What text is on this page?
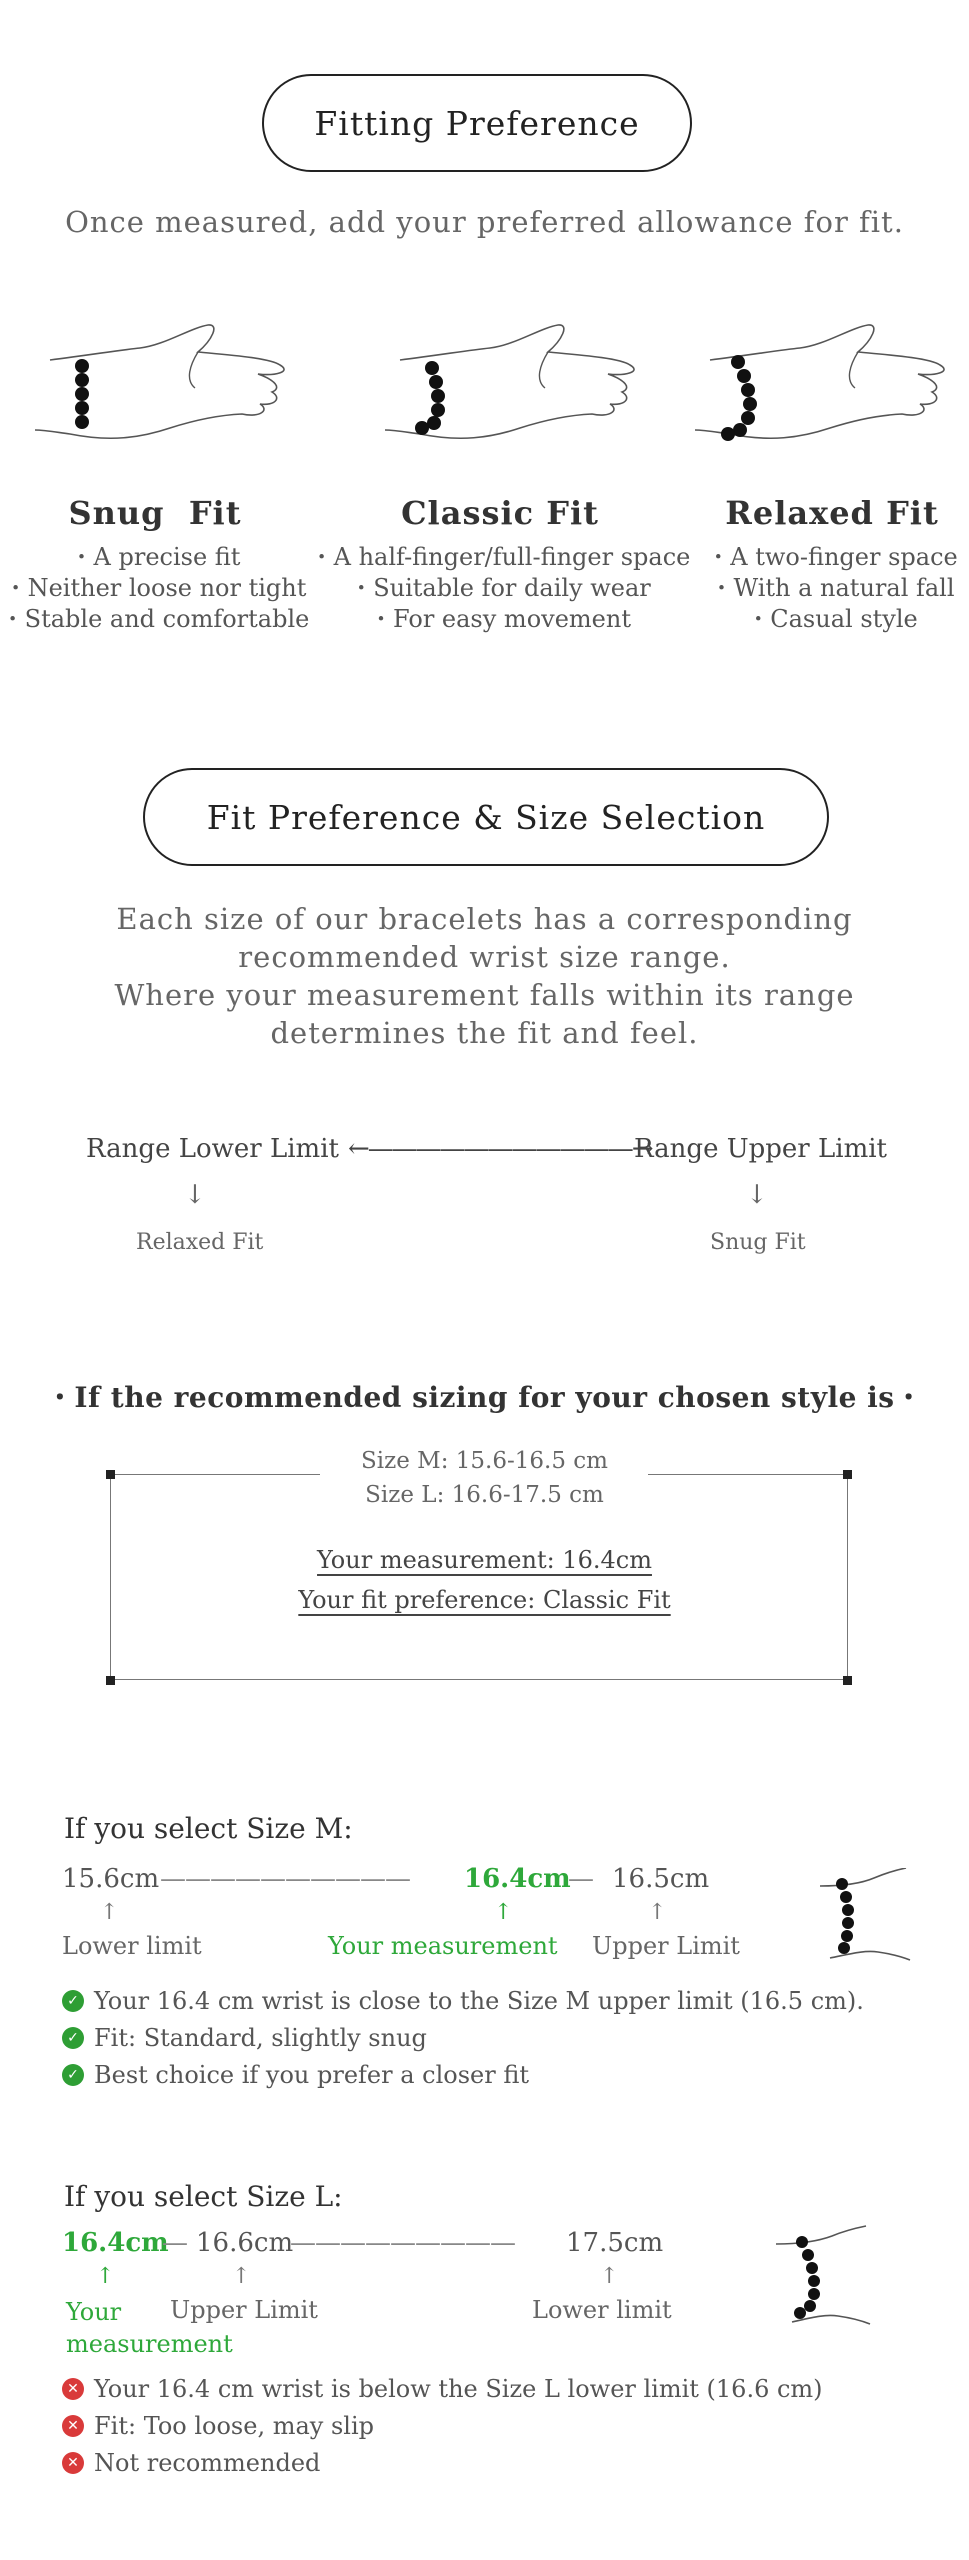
Fitting Preference
Once measured, add your preferred allowance for fit.
Snug  Fit
・A precise fit
・Neither loose nor tight
・Stable and comfortable
Classic Fit
・A half-finger/full-finger space
・Suitable for daily wear
・For easy movement
Relaxed Fit
・A two-finger space
・With a natural fall
・Casual style
Fit Preference & Size Selection
Each size of our bracelets has a corresponding
recommended wrist size range.
Where your measurement falls within its range
determines the fit and feel.
Range Lower Limit ←———————————→
Range Upper Limit
↓	↓
Relaxed Fit	Snug Fit
・If the recommended sizing for your chosen style is・
Size M: 15.6-16.5 cm
Size L: 16.6-17.5 cm
Your measurement: 16.4cm
Your fit preference: Classic Fit
If you select Size M:
15.6cm —————————— 16.4cm
— 16.5cm
↑	↑	↑
Lower limit	Your measurement Upper Limit
✓ Your 16.4 cm wrist is close to the Size M upper limit (16.5 cm).
✓ Fit: Standard, slightly snug
✓ Best choice if you prefer a closer fit
If you select Size L:
16.4cm
— 16.6cm
————————— 17.5cm
↑	↑	↑
Your
measurement
Upper Limit	Lower limit
✕ Your 16.4 cm wrist is below the Size L lower limit (16.6 cm)
✕ Fit: Too loose, may slip
✕ Not recommended
